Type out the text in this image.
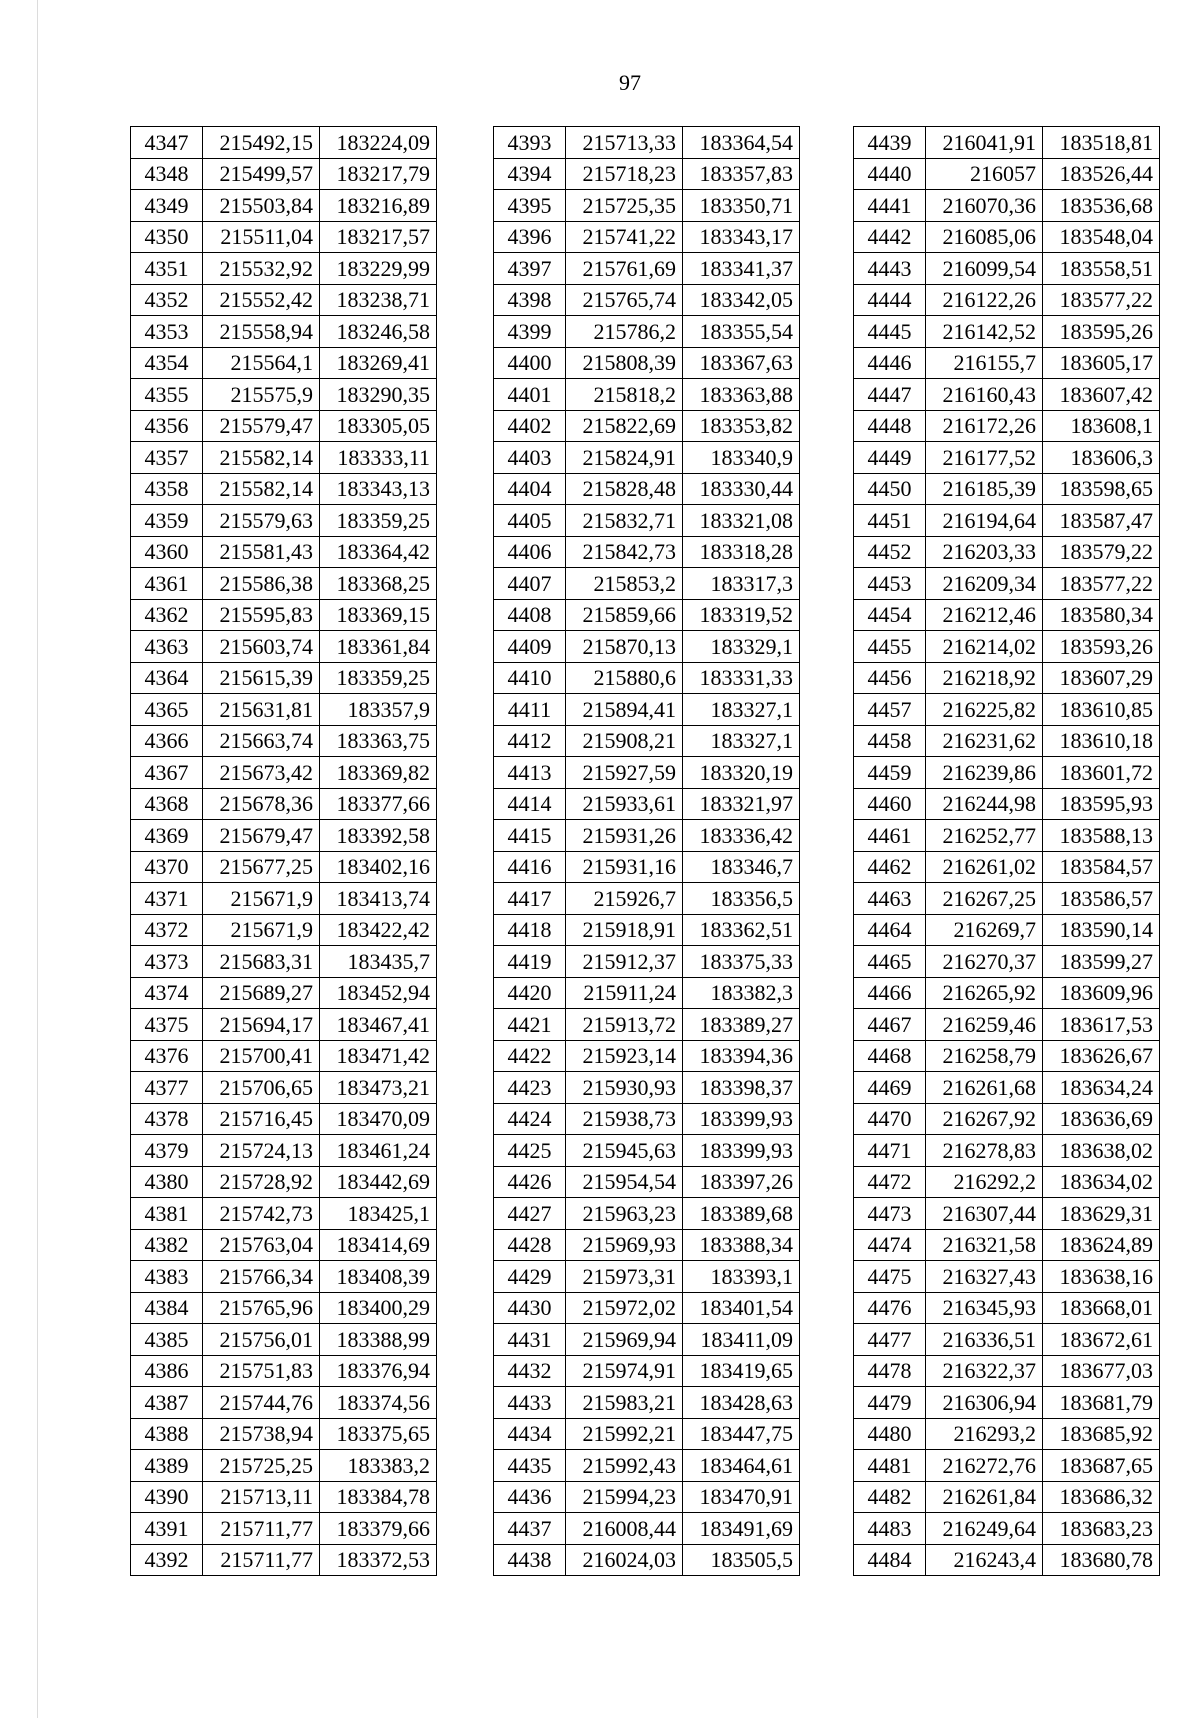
97
4347	215492,15	183224,09
4348	215499,57	183217,79
4349	215503,84	183216,89
4350	215511,04	183217,57
4351	215532,92	183229,99
4352	215552,42	183238,71
4353	215558,94	183246,58
4354	215564,1	183269,41
4355	215575,9	183290,35
4356	215579,47	183305,05
4357	215582,14	183333,11
4358	215582,14	183343,13
4359	215579,63	183359,25
4360	215581,43	183364,42
4361	215586,38	183368,25
4362	215595,83	183369,15
4363	215603,74	183361,84
4364	215615,39	183359,25
4365	215631,81	183357,9
4366	215663,74	183363,75
4367	215673,42	183369,82
4368	215678,36	183377,66
4369	215679,47	183392,58
4370	215677,25	183402,16
4371	215671,9	183413,74
4372	215671,9	183422,42
4373	215683,31	183435,7
4374	215689,27	183452,94
4375	215694,17	183467,41
4376	215700,41	183471,42
4377	215706,65	183473,21
4378	215716,45	183470,09
4379	215724,13	183461,24
4380	215728,92	183442,69
4381	215742,73	183425,1
4382	215763,04	183414,69
4383	215766,34	183408,39
4384	215765,96	183400,29
4385	215756,01	183388,99
4386	215751,83	183376,94
4387	215744,76	183374,56
4388	215738,94	183375,65
4389	215725,25	183383,2
4390	215713,11	183384,78
4391	215711,77	183379,66
4392	215711,77	183372,53
4393	215713,33	183364,54
4394	215718,23	183357,83
4395	215725,35	183350,71
4396	215741,22	183343,17
4397	215761,69	183341,37
4398	215765,74	183342,05
4399	215786,2	183355,54
4400	215808,39	183367,63
4401	215818,2	183363,88
4402	215822,69	183353,82
4403	215824,91	183340,9
4404	215828,48	183330,44
4405	215832,71	183321,08
4406	215842,73	183318,28
4407	215853,2	183317,3
4408	215859,66	183319,52
4409	215870,13	183329,1
4410	215880,6	183331,33
4411	215894,41	183327,1
4412	215908,21	183327,1
4413	215927,59	183320,19
4414	215933,61	183321,97
4415	215931,26	183336,42
4416	215931,16	183346,7
4417	215926,7	183356,5
4418	215918,91	183362,51
4419	215912,37	183375,33
4420	215911,24	183382,3
4421	215913,72	183389,27
4422	215923,14	183394,36
4423	215930,93	183398,37
4424	215938,73	183399,93
4425	215945,63	183399,93
4426	215954,54	183397,26
4427	215963,23	183389,68
4428	215969,93	183388,34
4429	215973,31	183393,1
4430	215972,02	183401,54
4431	215969,94	183411,09
4432	215974,91	183419,65
4433	215983,21	183428,63
4434	215992,21	183447,75
4435	215992,43	183464,61
4436	215994,23	183470,91
4437	216008,44	183491,69
4438	216024,03	183505,5
4439	216041,91	183518,81
4440	216057	183526,44
4441	216070,36	183536,68
4442	216085,06	183548,04
4443	216099,54	183558,51
4444	216122,26	183577,22
4445	216142,52	183595,26
4446	216155,7	183605,17
4447	216160,43	183607,42
4448	216172,26	183608,1
4449	216177,52	183606,3
4450	216185,39	183598,65
4451	216194,64	183587,47
4452	216203,33	183579,22
4453	216209,34	183577,22
4454	216212,46	183580,34
4455	216214,02	183593,26
4456	216218,92	183607,29
4457	216225,82	183610,85
4458	216231,62	183610,18
4459	216239,86	183601,72
4460	216244,98	183595,93
4461	216252,77	183588,13
4462	216261,02	183584,57
4463	216267,25	183586,57
4464	216269,7	183590,14
4465	216270,37	183599,27
4466	216265,92	183609,96
4467	216259,46	183617,53
4468	216258,79	183626,67
4469	216261,68	183634,24
4470	216267,92	183636,69
4471	216278,83	183638,02
4472	216292,2	183634,02
4473	216307,44	183629,31
4474	216321,58	183624,89
4475	216327,43	183638,16
4476	216345,93	183668,01
4477	216336,51	183672,61
4478	216322,37	183677,03
4479	216306,94	183681,79
4480	216293,2	183685,92
4481	216272,76	183687,65
4482	216261,84	183686,32
4483	216249,64	183683,23
4484	216243,4	183680,78
